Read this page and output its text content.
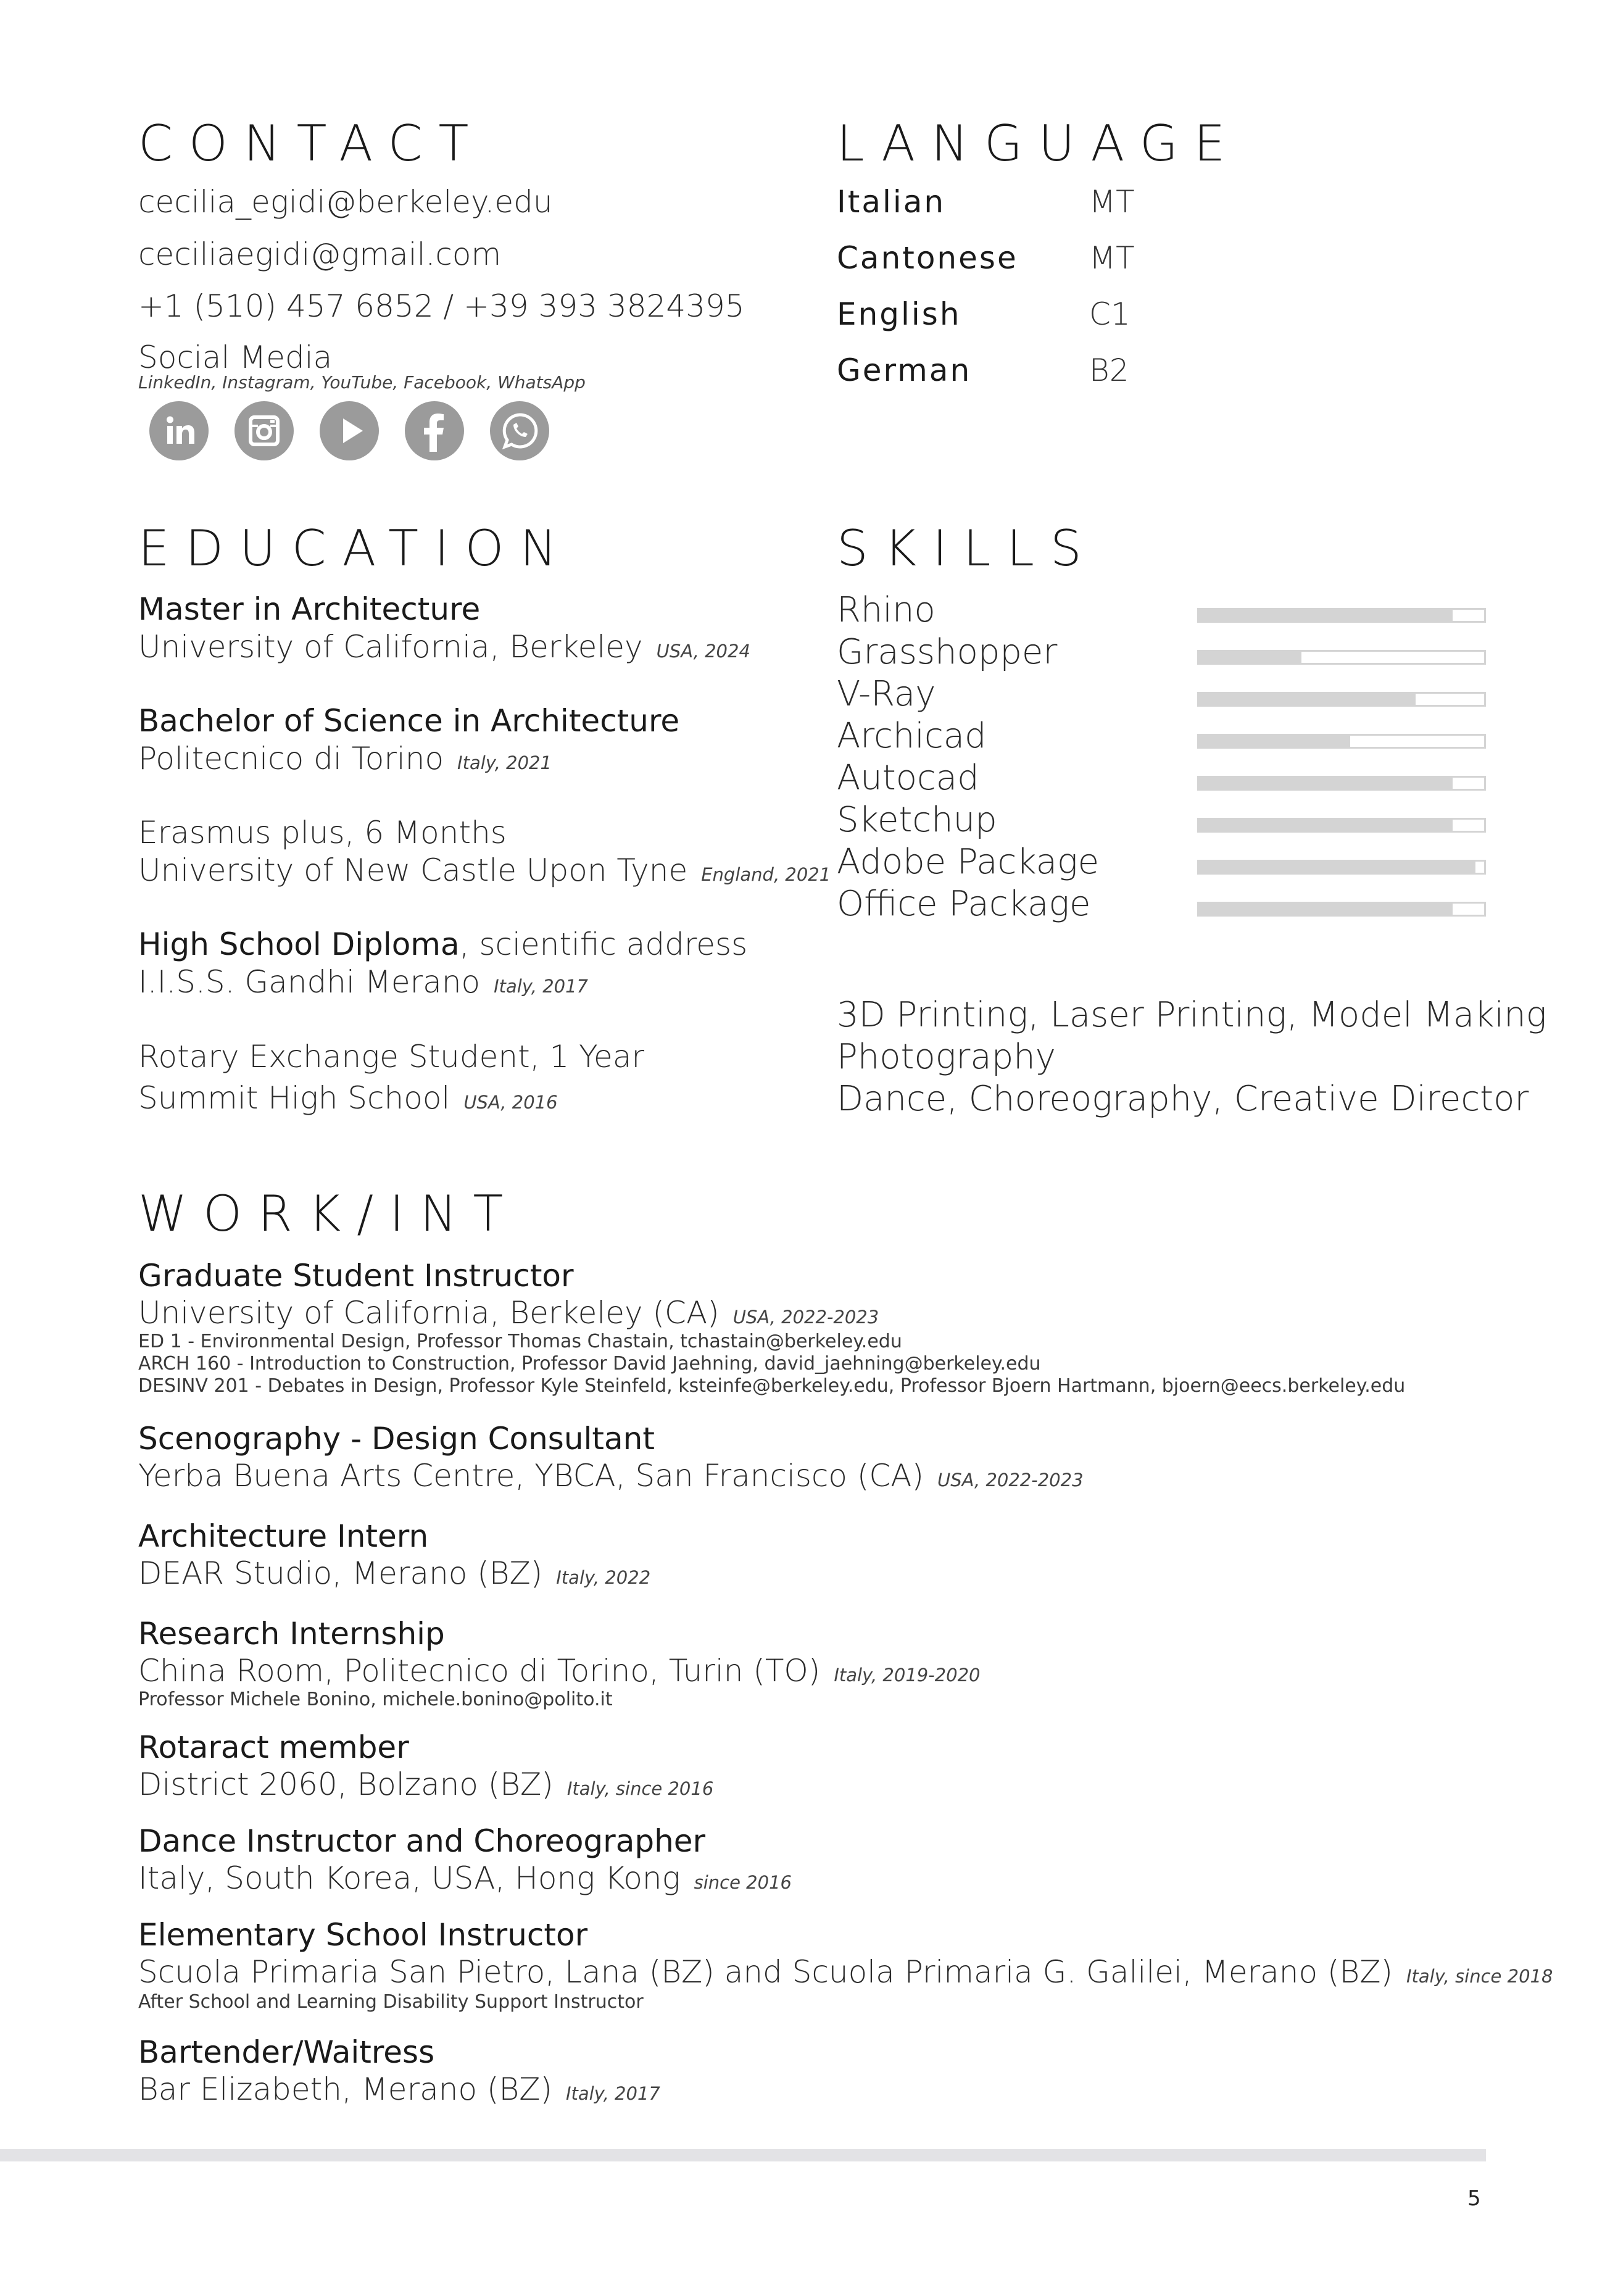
CONTACT
cecilia_egidi@berkeley.edu
ceciliaegidi@gmail.com
+1 (510) 457 6852 / +39 393 3824395
Social Media
LinkedIn, Instagram, YouTube, Facebook, WhatsApp
LANGUAGE
Italian	MT
Cantonese MT
English	C1
German	B2
EDUCATION
Master in Architecture
University of California, Berkeley USA, 2024
Bachelor of Science in Architecture
Politecnico di Torino Italy, 2021
Erasmus plus, 6 Months
University of New Castle Upon Tyne England, 2021
High School Diploma, scientific address
I.I.S.S. Gandhi Merano Italy, 2017
Rotary Exchange Student, 1 Year
Summit High School USA, 2016
SKILLS
Rhino
Grasshopper
V-Ray
Archicad
Autocad
Sketchup
Adobe Package
Office Package
3D Printing, Laser Printing, Model Making
Photography
Dance, Choreography, Creative Director
WORK/INT
Graduate Student Instructor
University of California, Berkeley (CA) USA, 2022-2023
ED 1 - Environmental Design, Professor Thomas Chastain, tchastain@berkeley.edu
ARCH 160 - Introduction to Construction, Professor David Jaehning, david_jaehning@berkeley.edu
DESINV 201 - Debates in Design, Professor Kyle Steinfeld, ksteinfe@berkeley.edu, Professor Bjoern Hartmann, bjoern@eecs.berkeley.edu
Scenography - Design Consultant
Yerba Buena Arts Centre, YBCA, San Francisco (CA) USA, 2022-2023
Architecture Intern
DEAR Studio, Merano (BZ) Italy, 2022
Research Internship
China Room, Politecnico di Torino, Turin (TO) Italy, 2019-2020
Professor Michele Bonino, michele.bonino@polito.it
Rotaract member
District 2060, Bolzano (BZ) Italy, since 2016
Dance Instructor and Choreographer
Italy, South Korea, USA, Hong Kong since 2016
Elementary School Instructor
Scuola Primaria San Pietro, Lana (BZ) and Scuola Primaria G. Galilei, Merano (BZ) Italy, since 2018
After School and Learning Disability Support Instructor
Bartender/Waitress
Bar Elizabeth, Merano (BZ) Italy, 2017
5
